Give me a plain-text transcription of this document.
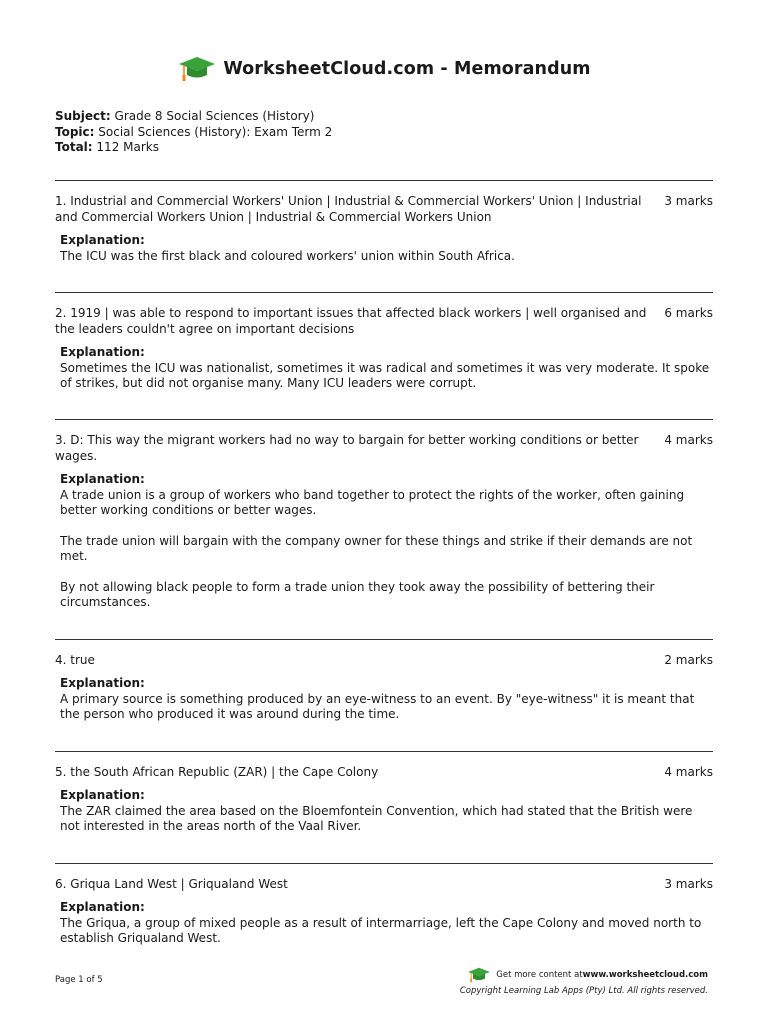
WorksheetCloud.com - Memorandum
Subject: Grade 8 Social Sciences (History)
Topic: Social Sciences (History): Exam Term 2
Total: 112 Marks
1. Industrial and Commercial Workers' Union | Industrial & Commercial Workers' Union | Industrial and Commercial Workers Union | Industrial & Commercial Workers Union
3 marks
Explanation:

The ICU was the first black and coloured workers' union within South Africa.

2. 1919 | was able to respond to important issues that affected black workers | well organised and the leaders couldn't agree on important decisions
6 marks
Explanation:

Sometimes the ICU was nationalist, sometimes it was radical and sometimes it was very moderate. It spoke of strikes, but did not organise many. Many ICU leaders were corrupt.

3. D: This way the migrant workers had no way to bargain for better working conditions or better wages.
4 marks
Explanation:

A trade union is a group of workers who band together to protect the rights of the worker, often gaining better working conditions or better wages.

The trade union will bargain with the company owner for these things and strike if their demands are not met.

By not allowing black people to form a trade union they took away the possibility of bettering their circumstances.

4. true	2 marks
Explanation:

A primary source is something produced by an eye-witness to an event. By "eye-witness" it is meant that the person who produced it was around during the time.

5. the South African Republic (ZAR) | the Cape Colony	4 marks
Explanation:

The ZAR claimed the area based on the Bloemfontein Convention, which had stated that the British were not interested in the areas north of the Vaal River.

6. Griqua Land West | Griqualand West	3 marks
Explanation:

The Griqua, a group of mixed people as a result of intermarriage, left the Cape Colony and moved north to establish Griqualand West.

Page 1 of 5	Get more content at www.worksheetcloud.com
Copyright Learning Lab Apps (Pty) Ltd. All rights reserved.
